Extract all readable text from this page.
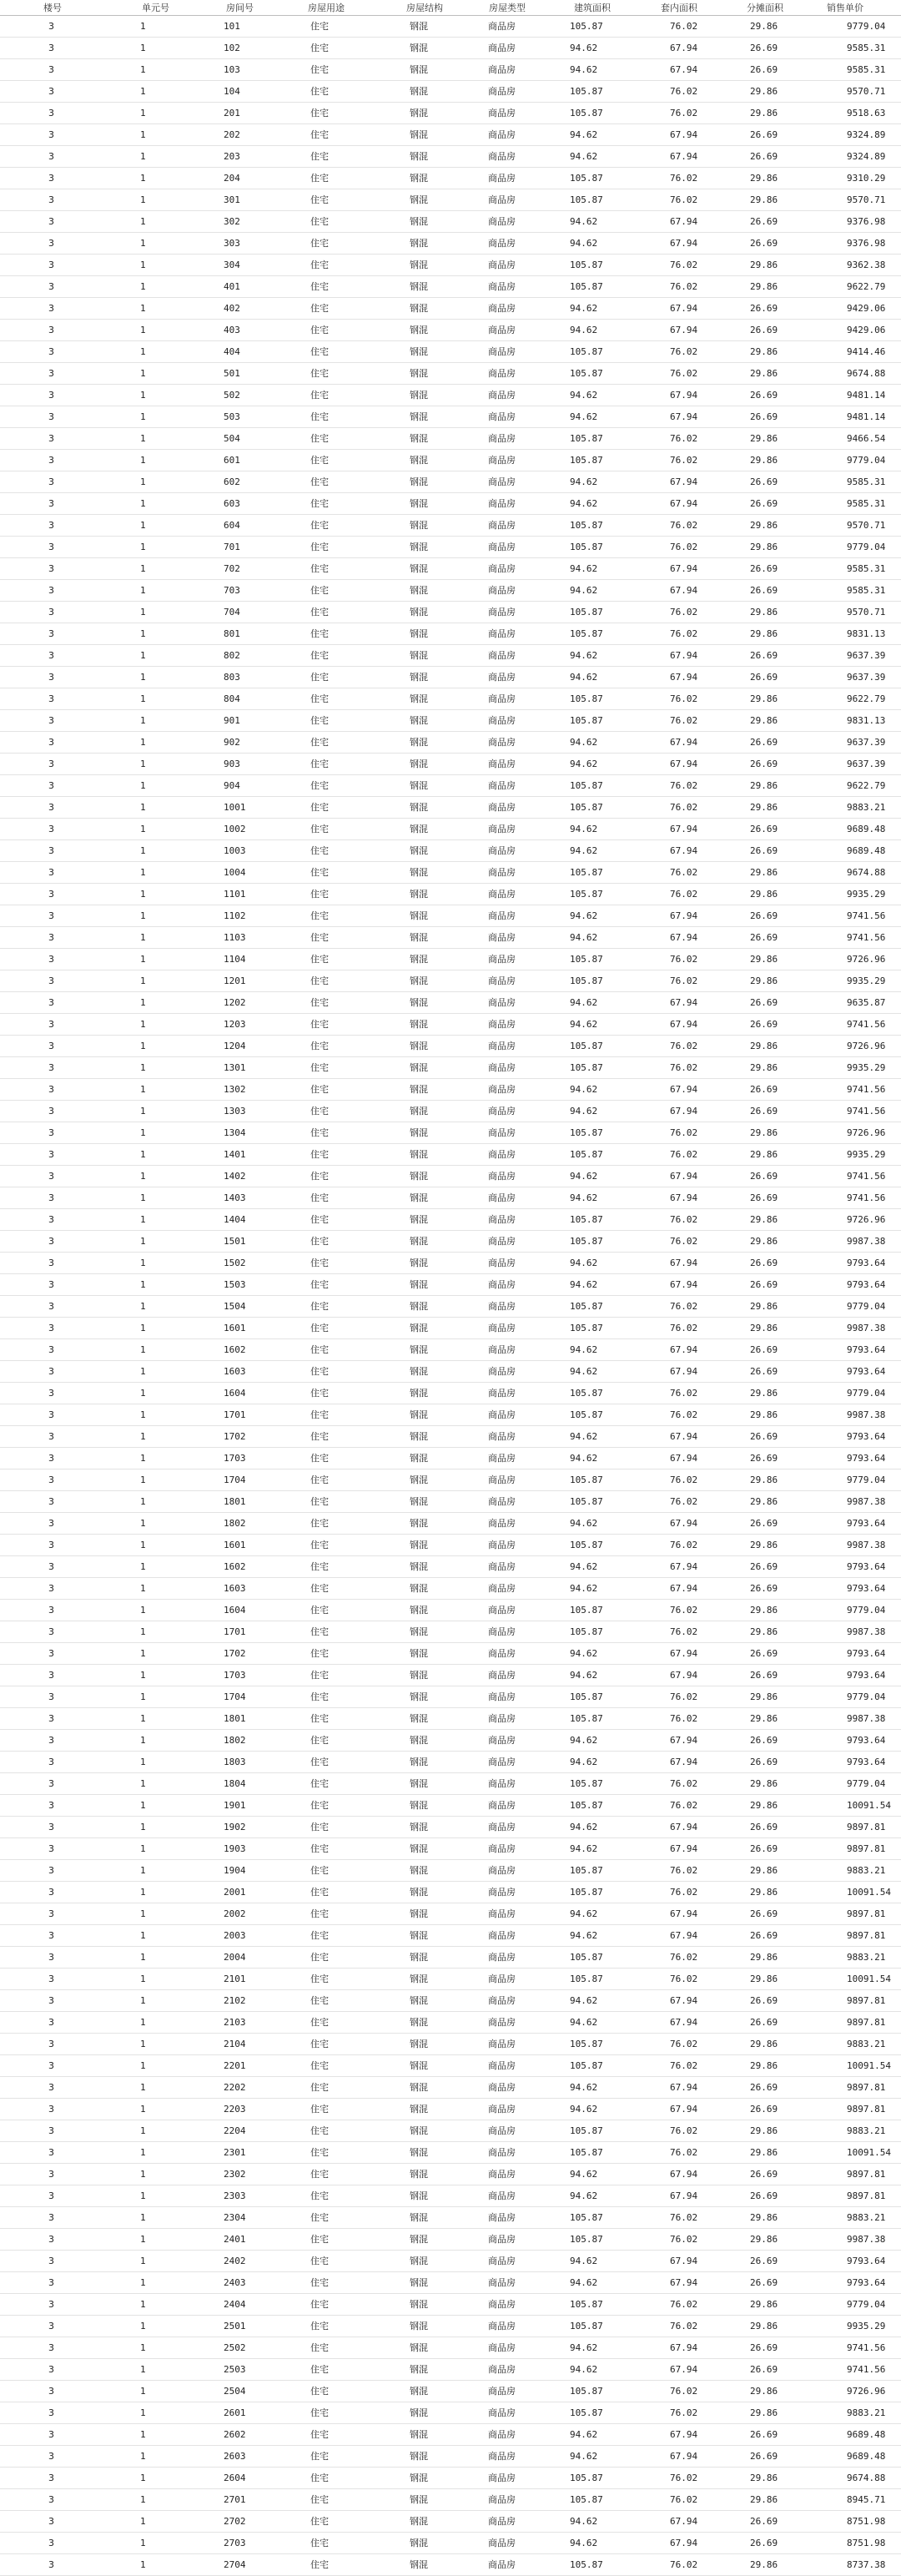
楼号	单元号	房间号	房屋用途	房屋结构	房屋类型	建筑面积	套内面积	分摊面积	销售单价
3	1	101	住宅	钢混	商品房	105.87	76.02	29.86	9779.04
3	1	102	住宅	钢混	商品房	94.62	67.94	26.69	9585.31
3	1	103	住宅	钢混	商品房	94.62	67.94	26.69	9585.31
3	1	104	住宅	钢混	商品房	105.87	76.02	29.86	9570.71
3	1	201	住宅	钢混	商品房	105.87	76.02	29.86	9518.63
3	1	202	住宅	钢混	商品房	94.62	67.94	26.69	9324.89
3	1	203	住宅	钢混	商品房	94.62	67.94	26.69	9324.89
3	1	204	住宅	钢混	商品房	105.87	76.02	29.86	9310.29
3	1	301	住宅	钢混	商品房	105.87	76.02	29.86	9570.71
3	1	302	住宅	钢混	商品房	94.62	67.94	26.69	9376.98
3	1	303	住宅	钢混	商品房	94.62	67.94	26.69	9376.98
3	1	304	住宅	钢混	商品房	105.87	76.02	29.86	9362.38
3	1	401	住宅	钢混	商品房	105.87	76.02	29.86	9622.79
3	1	402	住宅	钢混	商品房	94.62	67.94	26.69	9429.06
3	1	403	住宅	钢混	商品房	94.62	67.94	26.69	9429.06
3	1	404	住宅	钢混	商品房	105.87	76.02	29.86	9414.46
3	1	501	住宅	钢混	商品房	105.87	76.02	29.86	9674.88
3	1	502	住宅	钢混	商品房	94.62	67.94	26.69	9481.14
3	1	503	住宅	钢混	商品房	94.62	67.94	26.69	9481.14
3	1	504	住宅	钢混	商品房	105.87	76.02	29.86	9466.54
3	1	601	住宅	钢混	商品房	105.87	76.02	29.86	9779.04
3	1	602	住宅	钢混	商品房	94.62	67.94	26.69	9585.31
3	1	603	住宅	钢混	商品房	94.62	67.94	26.69	9585.31
3	1	604	住宅	钢混	商品房	105.87	76.02	29.86	9570.71
3	1	701	住宅	钢混	商品房	105.87	76.02	29.86	9779.04
3	1	702	住宅	钢混	商品房	94.62	67.94	26.69	9585.31
3	1	703	住宅	钢混	商品房	94.62	67.94	26.69	9585.31
3	1	704	住宅	钢混	商品房	105.87	76.02	29.86	9570.71
3	1	801	住宅	钢混	商品房	105.87	76.02	29.86	9831.13
3	1	802	住宅	钢混	商品房	94.62	67.94	26.69	9637.39
3	1	803	住宅	钢混	商品房	94.62	67.94	26.69	9637.39
3	1	804	住宅	钢混	商品房	105.87	76.02	29.86	9622.79
3	1	901	住宅	钢混	商品房	105.87	76.02	29.86	9831.13
3	1	902	住宅	钢混	商品房	94.62	67.94	26.69	9637.39
3	1	903	住宅	钢混	商品房	94.62	67.94	26.69	9637.39
3	1	904	住宅	钢混	商品房	105.87	76.02	29.86	9622.79
3	1	1001	住宅	钢混	商品房	105.87	76.02	29.86	9883.21
3	1	1002	住宅	钢混	商品房	94.62	67.94	26.69	9689.48
3	1	1003	住宅	钢混	商品房	94.62	67.94	26.69	9689.48
3	1	1004	住宅	钢混	商品房	105.87	76.02	29.86	9674.88
3	1	1101	住宅	钢混	商品房	105.87	76.02	29.86	9935.29
3	1	1102	住宅	钢混	商品房	94.62	67.94	26.69	9741.56
3	1	1103	住宅	钢混	商品房	94.62	67.94	26.69	9741.56
3	1	1104	住宅	钢混	商品房	105.87	76.02	29.86	9726.96
3	1	1201	住宅	钢混	商品房	105.87	76.02	29.86	9935.29
3	1	1202	住宅	钢混	商品房	94.62	67.94	26.69	9635.87
3	1	1203	住宅	钢混	商品房	94.62	67.94	26.69	9741.56
3	1	1204	住宅	钢混	商品房	105.87	76.02	29.86	9726.96
3	1	1301	住宅	钢混	商品房	105.87	76.02	29.86	9935.29
3	1	1302	住宅	钢混	商品房	94.62	67.94	26.69	9741.56
3	1	1303	住宅	钢混	商品房	94.62	67.94	26.69	9741.56
3	1	1304	住宅	钢混	商品房	105.87	76.02	29.86	9726.96
3	1	1401	住宅	钢混	商品房	105.87	76.02	29.86	9935.29
3	1	1402	住宅	钢混	商品房	94.62	67.94	26.69	9741.56
3	1	1403	住宅	钢混	商品房	94.62	67.94	26.69	9741.56
3	1	1404	住宅	钢混	商品房	105.87	76.02	29.86	9726.96
3	1	1501	住宅	钢混	商品房	105.87	76.02	29.86	9987.38
3	1	1502	住宅	钢混	商品房	94.62	67.94	26.69	9793.64
3	1	1503	住宅	钢混	商品房	94.62	67.94	26.69	9793.64
3	1	1504	住宅	钢混	商品房	105.87	76.02	29.86	9779.04
3	1	1601	住宅	钢混	商品房	105.87	76.02	29.86	9987.38
3	1	1602	住宅	钢混	商品房	94.62	67.94	26.69	9793.64
3	1	1603	住宅	钢混	商品房	94.62	67.94	26.69	9793.64
3	1	1604	住宅	钢混	商品房	105.87	76.02	29.86	9779.04
3	1	1701	住宅	钢混	商品房	105.87	76.02	29.86	9987.38
3	1	1702	住宅	钢混	商品房	94.62	67.94	26.69	9793.64
3	1	1703	住宅	钢混	商品房	94.62	67.94	26.69	9793.64
3	1	1704	住宅	钢混	商品房	105.87	76.02	29.86	9779.04
3	1	1801	住宅	钢混	商品房	105.87	76.02	29.86	9987.38
3	1	1802	住宅	钢混	商品房	94.62	67.94	26.69	9793.64
3	1	1601	住宅	钢混	商品房	105.87	76.02	29.86	9987.38
3	1	1602	住宅	钢混	商品房	94.62	67.94	26.69	9793.64
3	1	1603	住宅	钢混	商品房	94.62	67.94	26.69	9793.64
3	1	1604	住宅	钢混	商品房	105.87	76.02	29.86	9779.04
3	1	1701	住宅	钢混	商品房	105.87	76.02	29.86	9987.38
3	1	1702	住宅	钢混	商品房	94.62	67.94	26.69	9793.64
3	1	1703	住宅	钢混	商品房	94.62	67.94	26.69	9793.64
3	1	1704	住宅	钢混	商品房	105.87	76.02	29.86	9779.04
3	1	1801	住宅	钢混	商品房	105.87	76.02	29.86	9987.38
3	1	1802	住宅	钢混	商品房	94.62	67.94	26.69	9793.64
3	1	1803	住宅	钢混	商品房	94.62	67.94	26.69	9793.64
3	1	1804	住宅	钢混	商品房	105.87	76.02	29.86	9779.04
3	1	1901	住宅	钢混	商品房	105.87	76.02	29.86	10091.54
3	1	1902	住宅	钢混	商品房	94.62	67.94	26.69	9897.81
3	1	1903	住宅	钢混	商品房	94.62	67.94	26.69	9897.81
3	1	1904	住宅	钢混	商品房	105.87	76.02	29.86	9883.21
3	1	2001	住宅	钢混	商品房	105.87	76.02	29.86	10091.54
3	1	2002	住宅	钢混	商品房	94.62	67.94	26.69	9897.81
3	1	2003	住宅	钢混	商品房	94.62	67.94	26.69	9897.81
3	1	2004	住宅	钢混	商品房	105.87	76.02	29.86	9883.21
3	1	2101	住宅	钢混	商品房	105.87	76.02	29.86	10091.54
3	1	2102	住宅	钢混	商品房	94.62	67.94	26.69	9897.81
3	1	2103	住宅	钢混	商品房	94.62	67.94	26.69	9897.81
3	1	2104	住宅	钢混	商品房	105.87	76.02	29.86	9883.21
3	1	2201	住宅	钢混	商品房	105.87	76.02	29.86	10091.54
3	1	2202	住宅	钢混	商品房	94.62	67.94	26.69	9897.81
3	1	2203	住宅	钢混	商品房	94.62	67.94	26.69	9897.81
3	1	2204	住宅	钢混	商品房	105.87	76.02	29.86	9883.21
3	1	2301	住宅	钢混	商品房	105.87	76.02	29.86	10091.54
3	1	2302	住宅	钢混	商品房	94.62	67.94	26.69	9897.81
3	1	2303	住宅	钢混	商品房	94.62	67.94	26.69	9897.81
3	1	2304	住宅	钢混	商品房	105.87	76.02	29.86	9883.21
3	1	2401	住宅	钢混	商品房	105.87	76.02	29.86	9987.38
3	1	2402	住宅	钢混	商品房	94.62	67.94	26.69	9793.64
3	1	2403	住宅	钢混	商品房	94.62	67.94	26.69	9793.64
3	1	2404	住宅	钢混	商品房	105.87	76.02	29.86	9779.04
3	1	2501	住宅	钢混	商品房	105.87	76.02	29.86	9935.29
3	1	2502	住宅	钢混	商品房	94.62	67.94	26.69	9741.56
3	1	2503	住宅	钢混	商品房	94.62	67.94	26.69	9741.56
3	1	2504	住宅	钢混	商品房	105.87	76.02	29.86	9726.96
3	1	2601	住宅	钢混	商品房	105.87	76.02	29.86	9883.21
3	1	2602	住宅	钢混	商品房	94.62	67.94	26.69	9689.48
3	1	2603	住宅	钢混	商品房	94.62	67.94	26.69	9689.48
3	1	2604	住宅	钢混	商品房	105.87	76.02	29.86	9674.88
3	1	2701	住宅	钢混	商品房	105.87	76.02	29.86	8945.71
3	1	2702	住宅	钢混	商品房	94.62	67.94	26.69	8751.98
3	1	2703	住宅	钢混	商品房	94.62	67.94	26.69	8751.98
3	1	2704	住宅	钢混	商品房	105.87	76.02	29.86	8737.38
